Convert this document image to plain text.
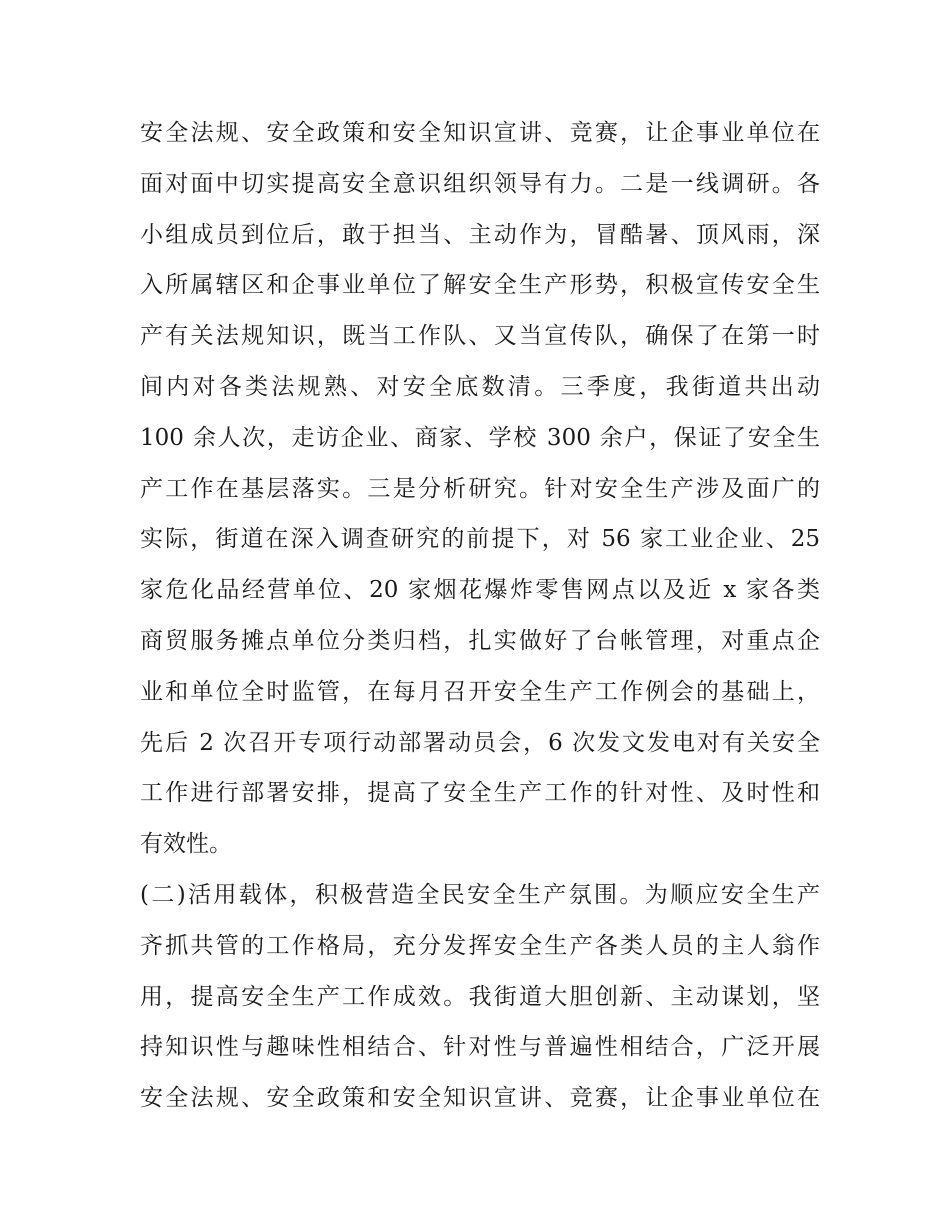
安全法规、安全政策和安全知识宣讲、竞赛，让企事业单位在
面对面中切实提高安全意识组织领导有力。二是一线调研。各
小组成员到位后，敢于担当、主动作为，冒酷暑、顶风雨，深
入所属辖区和企事业单位了解安全生产形势，积极宣传安全生
产有关法规知识，既当工作队、又当宣传队，确保了在第一时
间内对各类法规熟、对安全底数清。三季度，我街道共出动
100 余人次，走访企业、商家、学校 300 余户，保证了安全生
产工作在基层落实。三是分析研究。针对安全生产涉及面广的
实际，街道在深入调查研究的前提下，对 56 家工业企业、25
家危化品经营单位、20 家烟花爆炸零售网点以及近 x 家各类
商贸服务摊点单位分类归档，扎实做好了台帐管理，对重点企
业和单位全时监管，在每月召开安全生产工作例会的基础上，
先后 2 次召开专项行动部署动员会，6 次发文发电对有关安全
工作进行部署安排，提高了安全生产工作的针对性、及时性和
有效性。
(二)活用载体，积极营造全民安全生产氛围。为顺应安全生产
齐抓共管的工作格局，充分发挥安全生产各类人员的主人翁作
用，提高安全生产工作成效。我街道大胆创新、主动谋划，坚
持知识性与趣味性相结合、针对性与普遍性相结合，广泛开展
安全法规、安全政策和安全知识宣讲、竞赛，让企事业单位在
